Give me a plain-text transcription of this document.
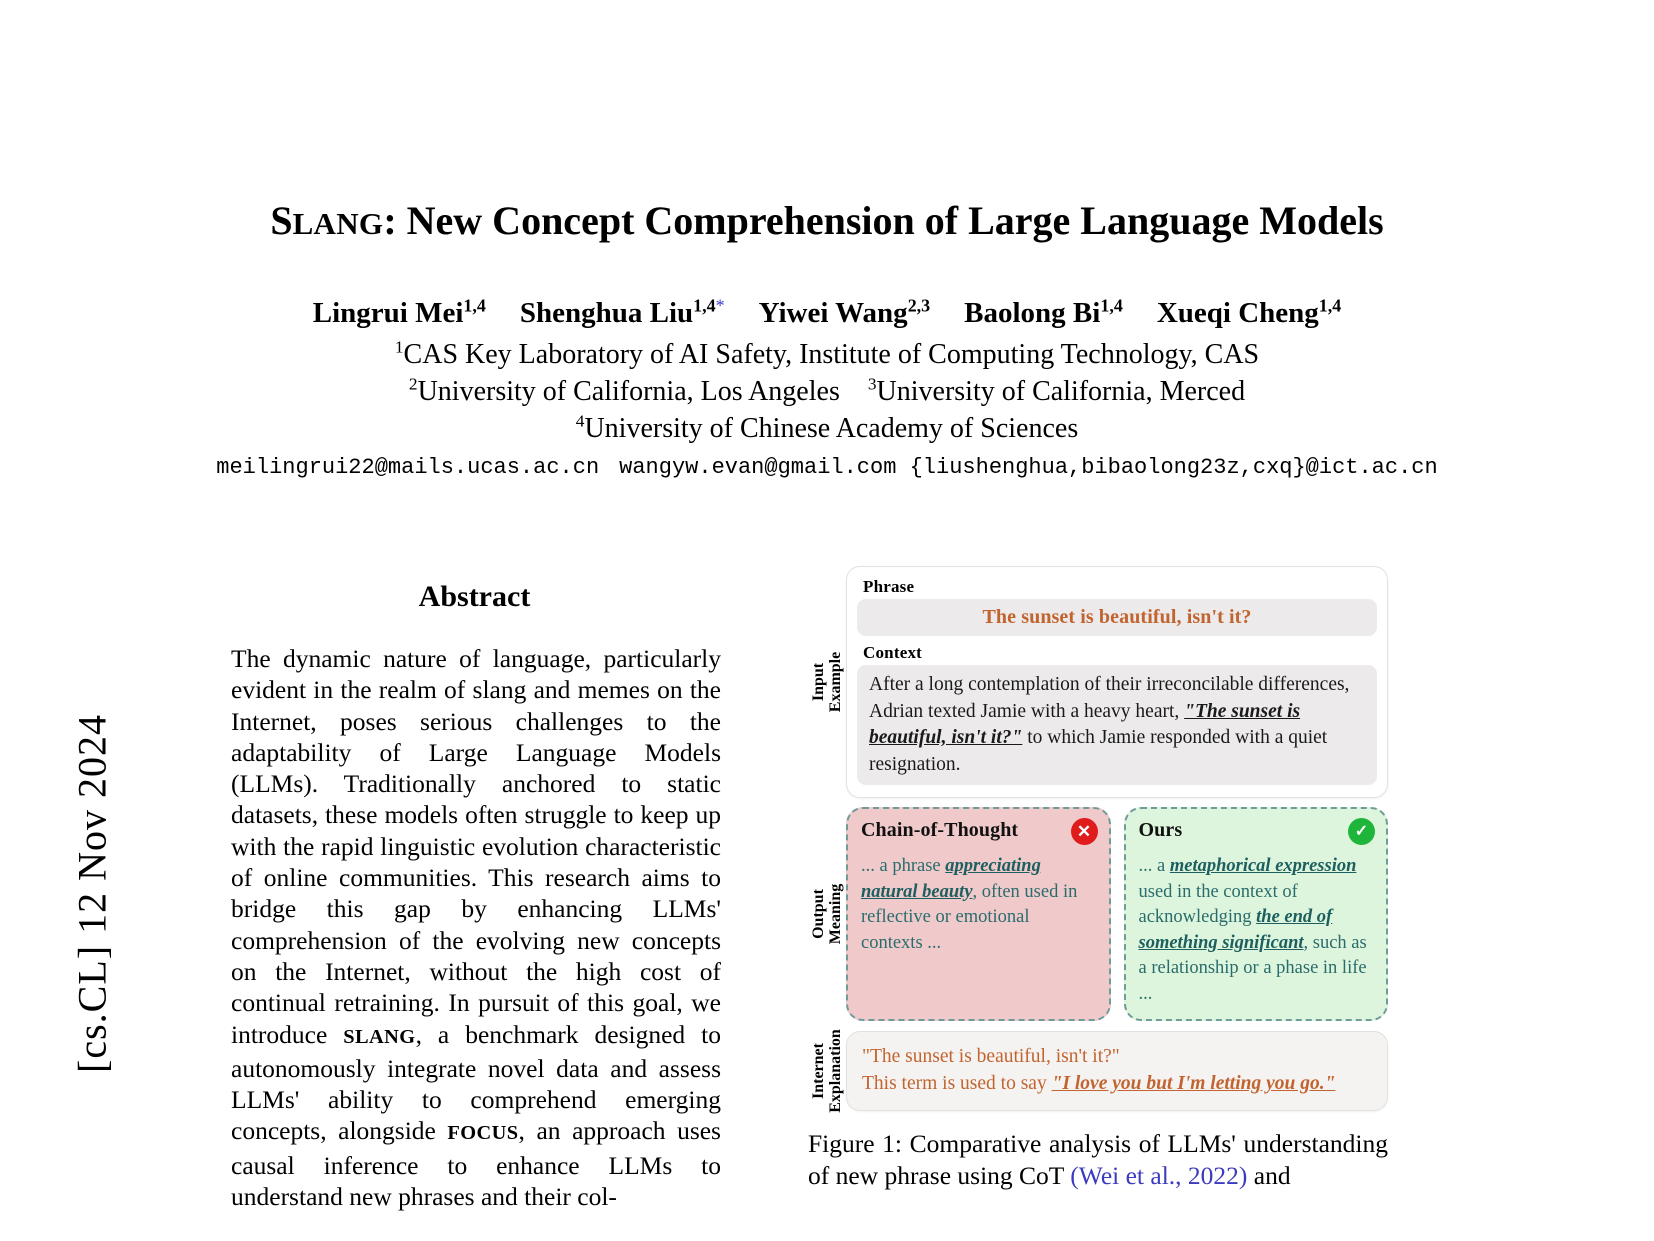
[cs.CL] 12 Nov 2024
SLANG: New Concept Comprehension of Large Language Models
Lingrui Mei$^{1,4}$ Shenghua Liu$^{1,4*}$ Yiwei Wang$^{2,3}$ Baolong Bi$^{1,4}$ Xueqi Cheng$^{1,4}$
$^1$CAS Key Laboratory of AI Safety, Institute of Computing Technology, CAS
$^2$University of California, Los Angeles $^3$University of California, Merced
$^4$University of Chinese Academy of Sciences
meilingrui22@mails.ucas.ac.cn wangyw.evan@gmail.com {liushenghua,bibaolong23z,cxq}@ict.ac.cn
Abstract
The dynamic nature of language, particularly evident in the realm of slang and memes on the Internet, poses serious challenges to the adaptability of Large Language Models (LLMs). Traditionally anchored to static datasets, these models often struggle to keep up with the rapid linguistic evolution characteristic of online communities. This research aims to bridge this gap by enhancing LLMs' comprehension of the evolving new concepts on the Internet, without the high cost of continual retraining. In pursuit of this goal, we introduce SLANG, a benchmark designed to autonomously integrate novel data and assess LLMs' ability to comprehend emerging concepts, alongside FOCUS, an approach uses causal inference to enhance LLMs to understand new phrases and their col-
Input
Example
Phrase
The sunset is beautiful, isn't it?
Context
After a long contemplation of their irreconcilable differences, Adrian texted Jamie with a heavy heart, "The sunset is beautiful, isn't it?" to which Jamie responded with a quiet resignation.
Output
Meaning
✕
Chain-of-Thought
... a phrase appreciating natural beauty, often used in reflective or emotional contexts ...
✓
Ours
... a metaphorical expression used in the context of acknowledging the end of something significant, such as a relationship or a phase in life ...
Internet
Explanation "The sunset is beautiful, isn't it?"
This term is used to say "I love you but I'm letting you go."
Figure 1: Comparative analysis of LLMs' understanding of new phrase using CoT (Wei et al., 2022) and
